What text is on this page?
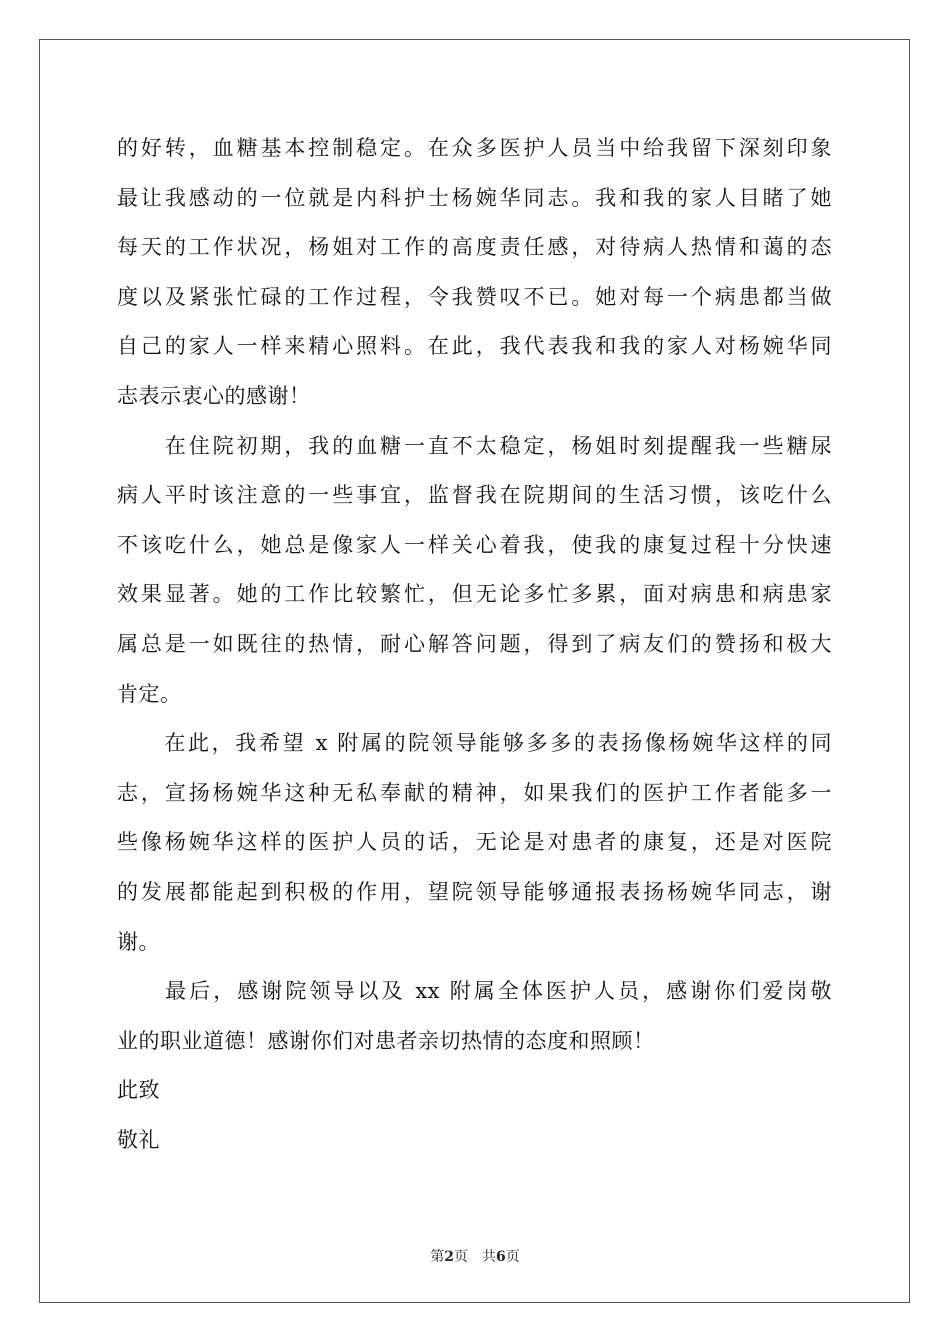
的好转，血糖基本控制稳定。在众多医护人员当中给我留下深刻印象
最让我感动的一位就是内科护士杨婉华同志。我和我的家人目睹了她
每天的工作状况，杨姐对工作的高度责任感，对待病人热情和蔼的态
度以及紧张忙碌的工作过程，令我赞叹不已。她对每一个病患都当做
自己的家人一样来精心照料。在此，我代表我和我的家人对杨婉华同
志表示衷心的感谢！
　　在住院初期，我的血糖一直不太稳定，杨姐时刻提醒我一些糖尿
病人平时该注意的一些事宜，监督我在院期间的生活习惯，该吃什么
不该吃什么，她总是像家人一样关心着我，使我的康复过程十分快速
效果显著。她的工作比较繁忙，但无论多忙多累，面对病患和病患家
属总是一如既往的热情，耐心解答问题，得到了病友们的赞扬和极大
肯定。
　　在此，我希望 x 附属的院领导能够多多的表扬像杨婉华这样的同
志，宣扬杨婉华这种无私奉献的精神，如果我们的医护工作者能多一
些像杨婉华这样的医护人员的话，无论是对患者的康复，还是对医院
的发展都能起到积极的作用，望院领导能够通报表扬杨婉华同志，谢
谢。
　　最后，感谢院领导以及 xx 附属全体医护人员，感谢你们爱岗敬
业的职业道德！感谢你们对患者亲切热情的态度和照顾！
此致
敬礼
第2页　共6页
